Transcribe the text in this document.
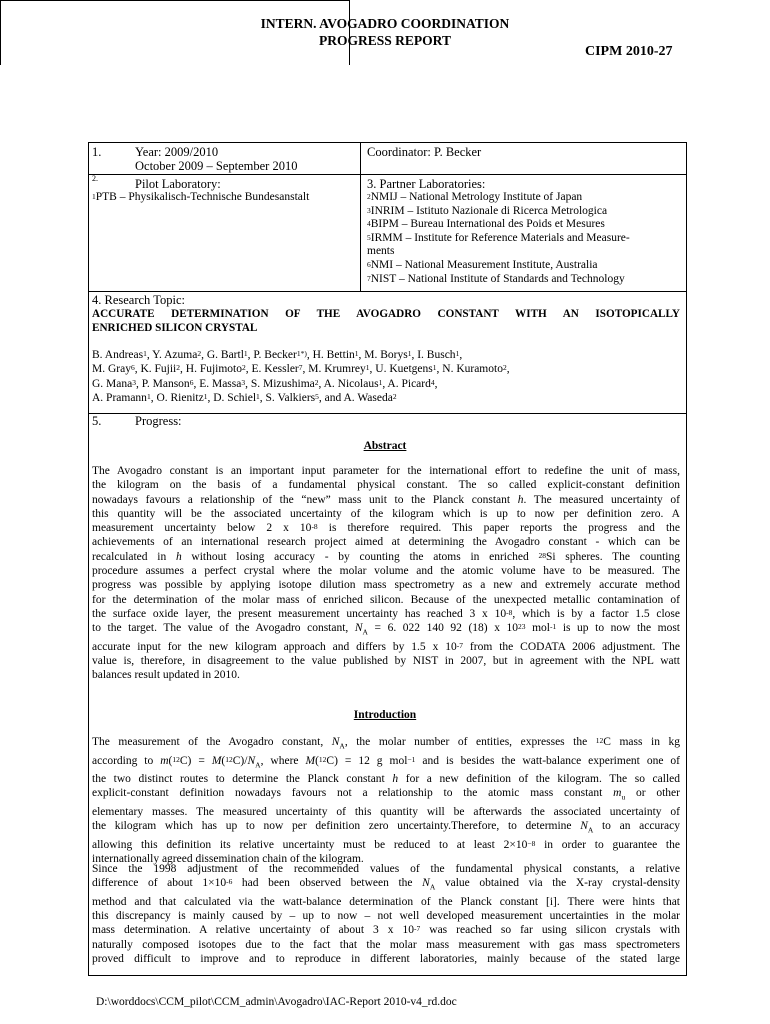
CIPM 2010-27
INTERN. AVOGADRO COORDINATION
PROGRESS REPORT
1.	Year: 2009/2010
October 2009 – September 2010
Coordinator: P. Becker
2.	Pilot Laboratory:
$^1$PTB – Physikalisch-Technische Bundesanstalt
3. Partner Laboratories:
$^2$NMIJ – National Metrology Institute of Japan
$^3$INRIM – Istituto Nazionale di Ricerca Metrologica
$^4$BIPM – Bureau International des Poids et Mesures
$^5$IRMM – Institute for Reference Materials and Measure-
ments
$^6$NMI – National Measurement Institute, Australia
$^7$NIST – National Institute of Standards and Technology
4. Research Topic:
ACCURATE DETERMINATION OF THE AVOGADRO CONSTANT WITH AN ISOTOPICALLY
ENRICHED SILICON CRYSTAL
B. Andreas$^1$, Y. Azuma$^2$, G. Bartl$^1$, P. Becker$^{1*)}$, H. Bettin$^1$, M. Borys$^1$, I. Busch$^1$,
M. Gray$^6$, K. Fujii$^2$, H. Fujimoto$^2$, E. Kessler$^7$, M. Krumrey$^1$, U. Kuetgens$^1$, N. Kuramoto$^2$,
G. Mana$^3$, P. Manson$^6$, E. Massa$^3$, S. Mizushima$^2$, A. Nicolaus$^1$, A. Picard$^4$,
A. Pramann$^1$, O. Rienitz$^1$, D. Schiel$^1$, S. Valkiers$^5$, and A. Waseda$^2$
5.	Progress:
Abstract
The Avogadro constant is an important input parameter for the international effort to redefine the unit of mass,
the kilogram on the basis of a fundamental physical constant. The so called explicit-constant definition
nowadays favours a relationship of the “new” mass unit to the Planck constant h. The measured uncertainty of
this quantity will be the associated uncertainty of the kilogram which is up to now per definition zero. A
measurement uncertainty below 2 x $10^{-8}$ is therefore required. This paper reports the progress and the
achievements of an international research project aimed at determining the Avogadro constant - which can be
recalculated in h without losing accuracy - by counting the atoms in enriched $^{28}$Si spheres. The counting
procedure assumes a perfect crystal where the molar volume and the atomic volume have to be measured. The
progress was possible by applying isotope dilution mass spectrometry as a new and extremely accurate method
for the determination of the molar mass of enriched silicon. Because of the unexpected metallic contamination of
the surface oxide layer, the present measurement uncertainty has reached 3 x $10^{-8}$, which is by a factor 1.5 close
to the target. The value of the Avogadro constant, $N_A = 6$. 022 140 92 (18) x $10^{23}$ mol$^{-1}$ is up to now the most
accurate input for the new kilogram approach and differs by 1.5 x $10^{-7}$ from the CODATA 2006 adjustment. The
value is, therefore, in disagreement to the value published by NIST in 2007, but in agreement with the NPL watt
balances result updated in 2010.
Introduction
The measurement of the Avogadro constant, $N_A$, the molar number of entities, expresses the $^{12}$C mass in kg
according to $m(^{12}C) = M(^{12}C)/N_A$, where M($^{12}$C) = 12 g mol$^{-1}$ and is besides the watt-balance experiment one of
the two distinct routes to determine the Planck constant h for a new definition of the kilogram. The so called
explicit-constant definition nowadays favours not a relationship to the atomic mass constant $m_u$ or other
elementary masses. The measured uncertainty of this quantity will be afterwards the associated uncertainty of
the kilogram which has up to now per definition zero uncertainty.Therefore, to determine $N_A$ to an accuracy
allowing this definition its relative uncertainty must be reduced to at least $2\times 10^{-8}$ in order to guarantee the
internationally agreed dissemination chain of the kilogram.
Since the 1998 adjustment of the recommended values of the fundamental physical constants, a relative
difference of about $1\times 10^{-6}$ had been observed between the $N_A$ value obtained via the X-ray crystal-density
method and that calculated via the watt-balance determination of the Planck constant [i]. There were hints that
this discrepancy is mainly caused by – up to now – not well developed measurement uncertainties in the molar
mass determination. A relative uncertainty of about 3 x $10^{-7}$ was reached so far using silicon crystals with
naturally composed isotopes due to the fact that the molar mass measurement with gas mass spectrometers
proved difficult to improve and to reproduce in different laboratories, mainly because of the stated large
D:\worddocs\CCM_pilot\CCM_admin\Avogadro\IAC-Report 2010-v4_rd.doc
